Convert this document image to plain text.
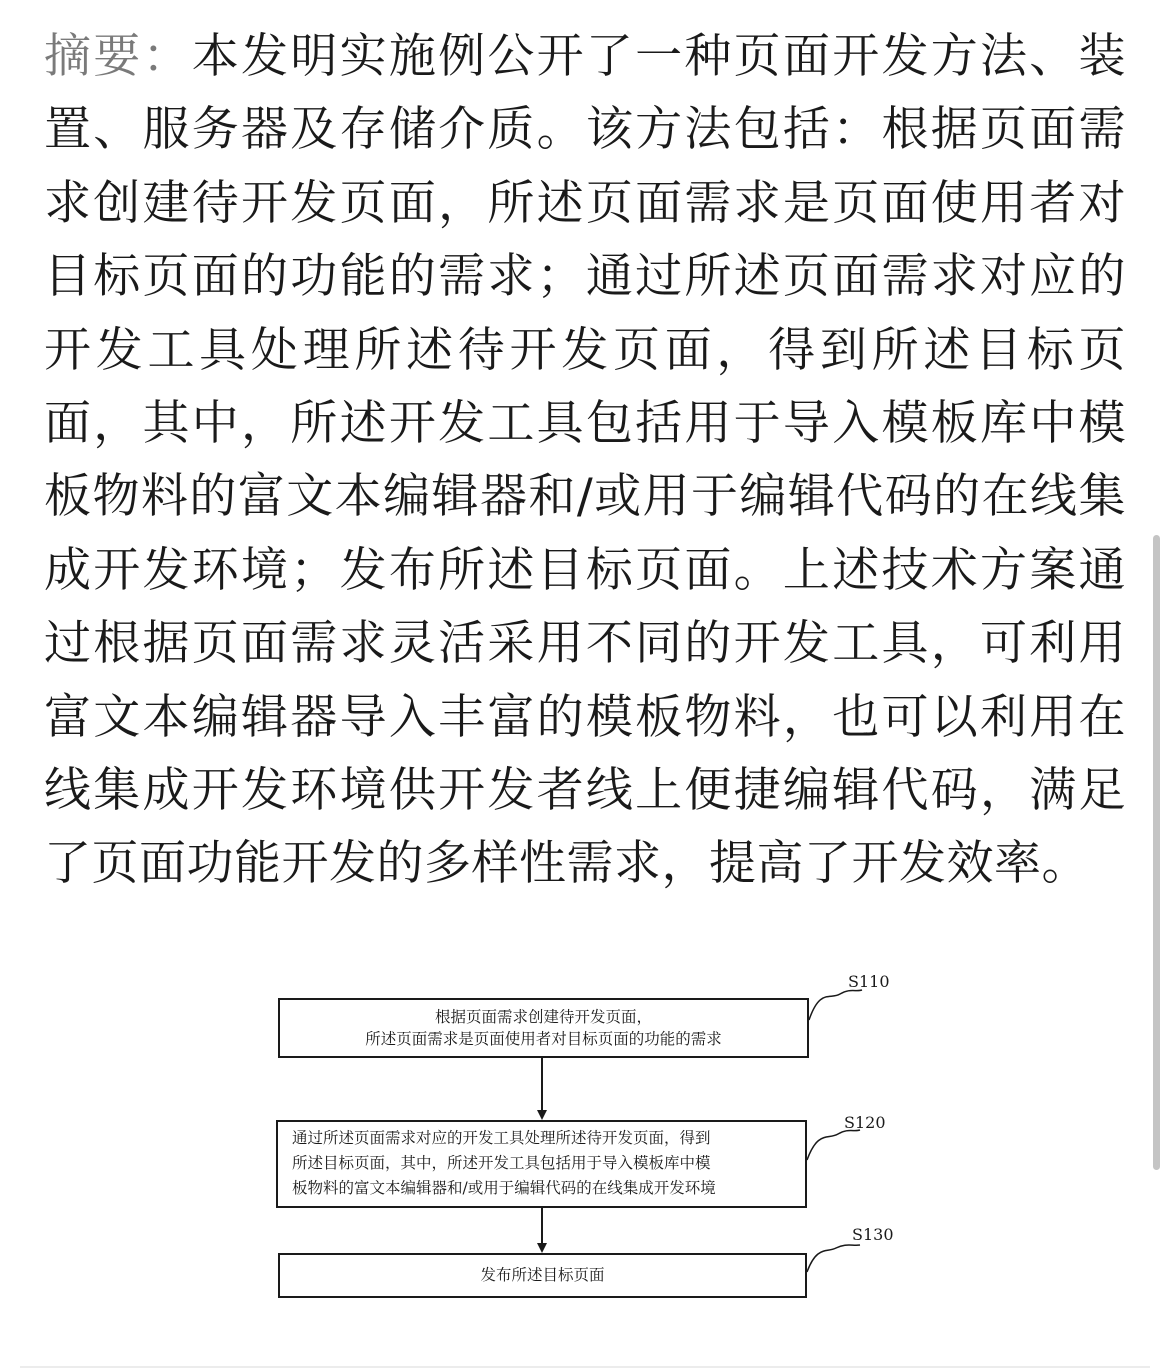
摘要：本发明实施例公开了一种页面开发方法、装置、服务器及存储介质。该方法包括：根据页面需求创建待开发页面，所述页面需求是页面使用者对目标页面的功能的需求；通过所述页面需求对应的开发工具处理所述待开发页面，得到所述目标页面，其中，所述开发工具包括用于导入模板库中模板物料的富文本编辑器和/或用于编辑代码的在线集成开发环境；发布所述目标页面。上述技术方案通过根据页面需求灵活采用不同的开发工具，可利用富文本编辑器导入丰富的模板物料，也可以利用在线集成开发环境供开发者线上便捷编辑代码，满足了页面功能开发的多样性需求，提高了开发效率。

根据页面需求创建待开发页面，
所述页面需求是页面使用者对目标页面的功能的需求
通过所述页面需求对应的开发工具处理所述待开发页面，得到
所述目标页面，其中，所述开发工具包括用于导入模板库中模
板物料的富文本编辑器和/或用于编辑代码的在线集成开发环境
发布所述目标页面
S110
S120
S130
